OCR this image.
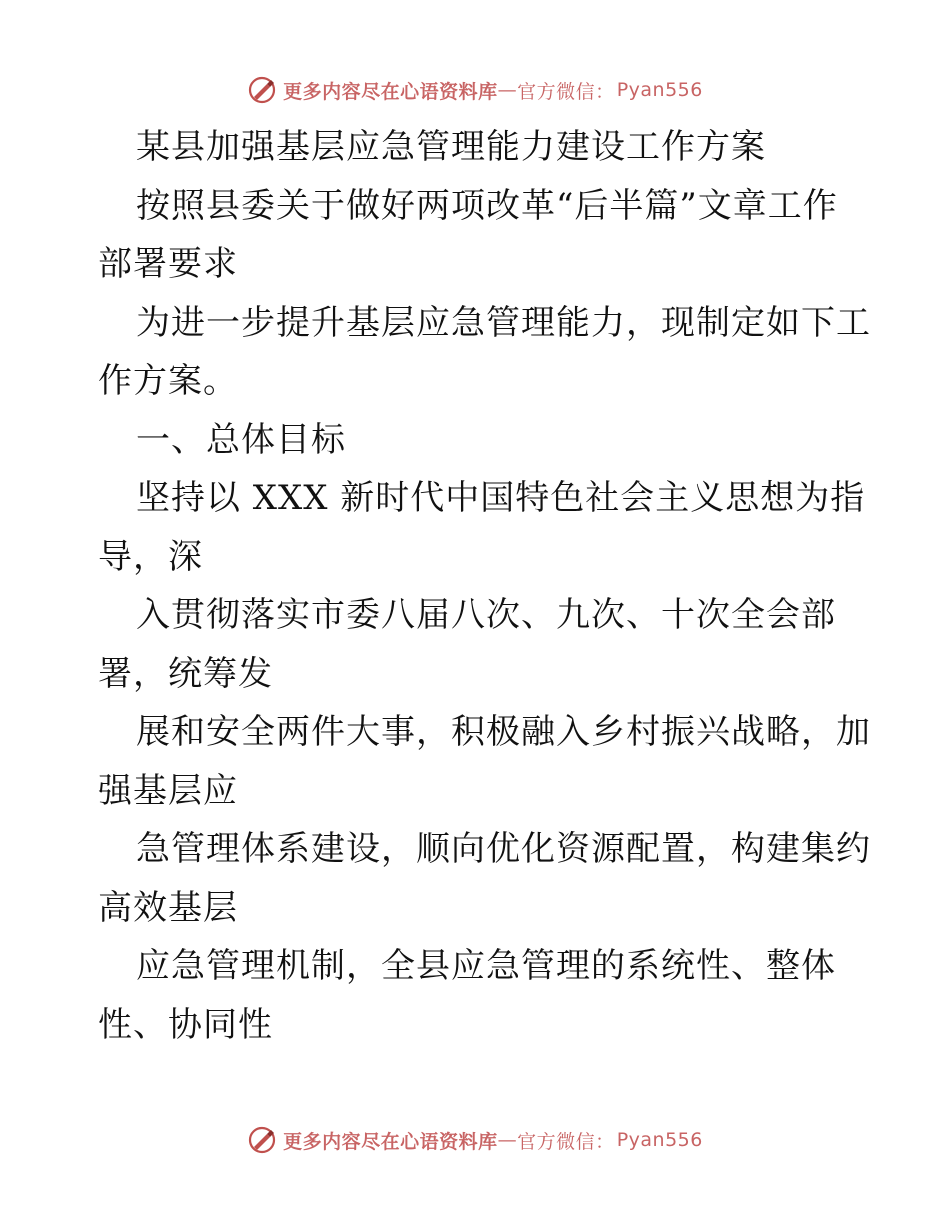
更多内容尽在心语资料库 — 官方微信： Pyan556
某县加强基层应急管理能力建设工作方案
按照县委关于做好两项改革“后半篇”文章工作
部署要求
为进一步提升基层应急管理能力，现制定如下工
作方案。
一、总体目标
坚持以 XXX 新时代中国特色社会主义思想为指
导，深
入贯彻落实市委八届八次、九次、十次全会部
署，统筹发
展和安全两件大事，积极融入乡村振兴战略，加
强基层应
急管理体系建设，顺向优化资源配置，构建集约
高效基层
应急管理机制，全县应急管理的系统性、整体
性、协同性
更多内容尽在心语资料库 — 官方微信： Pyan556
